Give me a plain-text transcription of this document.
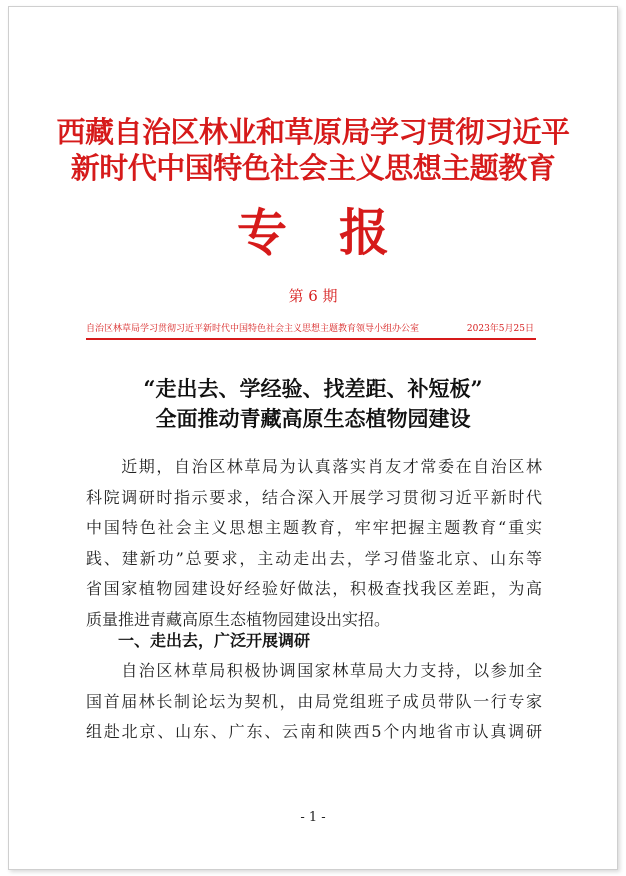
西藏自治区林业和草原局学习贯彻习近平
新时代中国特色社会主义思想主题教育
专报
第 6 期
自治区林草局学习贯彻习近平新时代中国特色社会主义思想主题教育领导小组办公室	2023年5月25日
“走出去、学经验、找差距、补短板”
全面推动青藏高原生态植物园建设
　　近期，自治区林草局为认真落实肖友才常委在自治区林
科院调研时指示要求，结合深入开展学习贯彻习近平新时代
中国特色社会主义思想主题教育，牢牢把握主题教育“重实
践、建新功”总要求，主动走出去，学习借鉴北京、山东等
省国家植物园建设好经验好做法，积极查找我区差距，为高
质量推进青藏高原生态植物园建设出实招。
一、走出去，广泛开展调研
　　自治区林草局积极协调国家林草局大力支持，以参加全
国首届林长制论坛为契机，由局党组班子成员带队一行专家
组赴北京、山东、广东、云南和陕西5个内地省市认真调研
- 1 -
